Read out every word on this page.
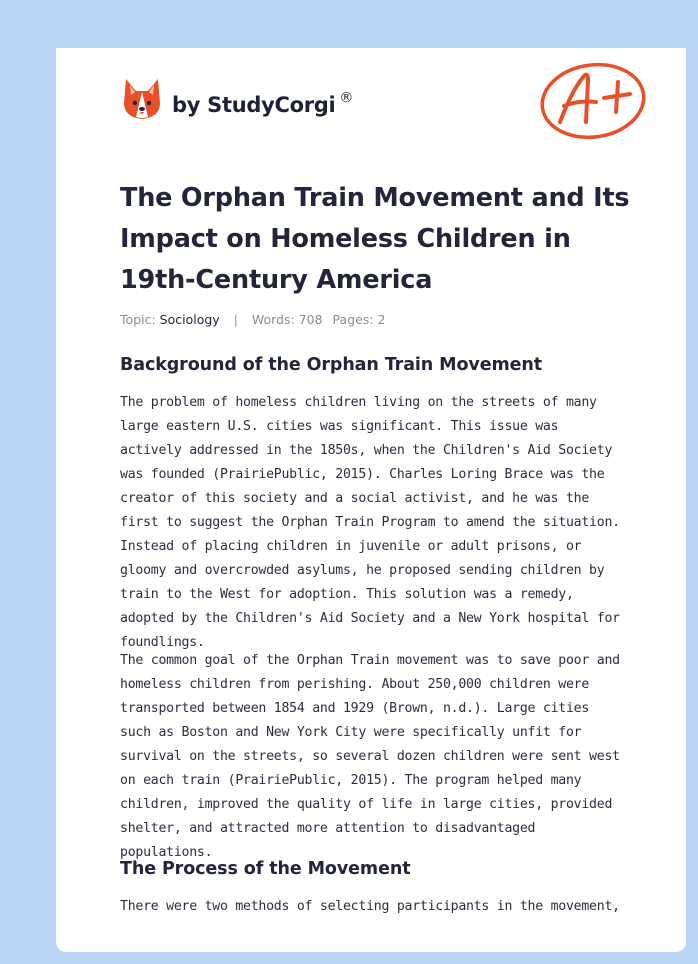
by StudyCorgi ®
The Orphan Train Movement and Its Impact on Homeless Children in 19th-Century America
Topic: Sociology | Words: 708 Pages: 2
Background of the Orphan Train Movement

The problem of homeless children living on the streets of many large eastern U.S. cities was significant. This issue was actively addressed in the 1850s, when the Children's Aid Society was founded (PrairiePublic, 2015). Charles Loring Brace was the creator of this society and a social activist, and he was the first to suggest the Orphan Train Program to amend the situation. Instead of placing children in juvenile or adult prisons, or gloomy and overcrowded asylums, he proposed sending children by train to the West for adoption. This solution was a remedy, adopted by the Children's Aid Society and a New York hospital for foundlings.

The common goal of the Orphan Train movement was to save poor and homeless children from perishing. About 250,000 children were transported between 1854 and 1929 (Brown, n.d.). Large cities such as Boston and New York City were specifically unfit for survival on the streets, so several dozen children were sent west on each train (PrairiePublic, 2015). The program helped many children, improved the quality of life in large cities, provided shelter, and attracted more attention to disadvantaged populations.

The Process of the Movement

There were two methods of selecting participants in the movement,
